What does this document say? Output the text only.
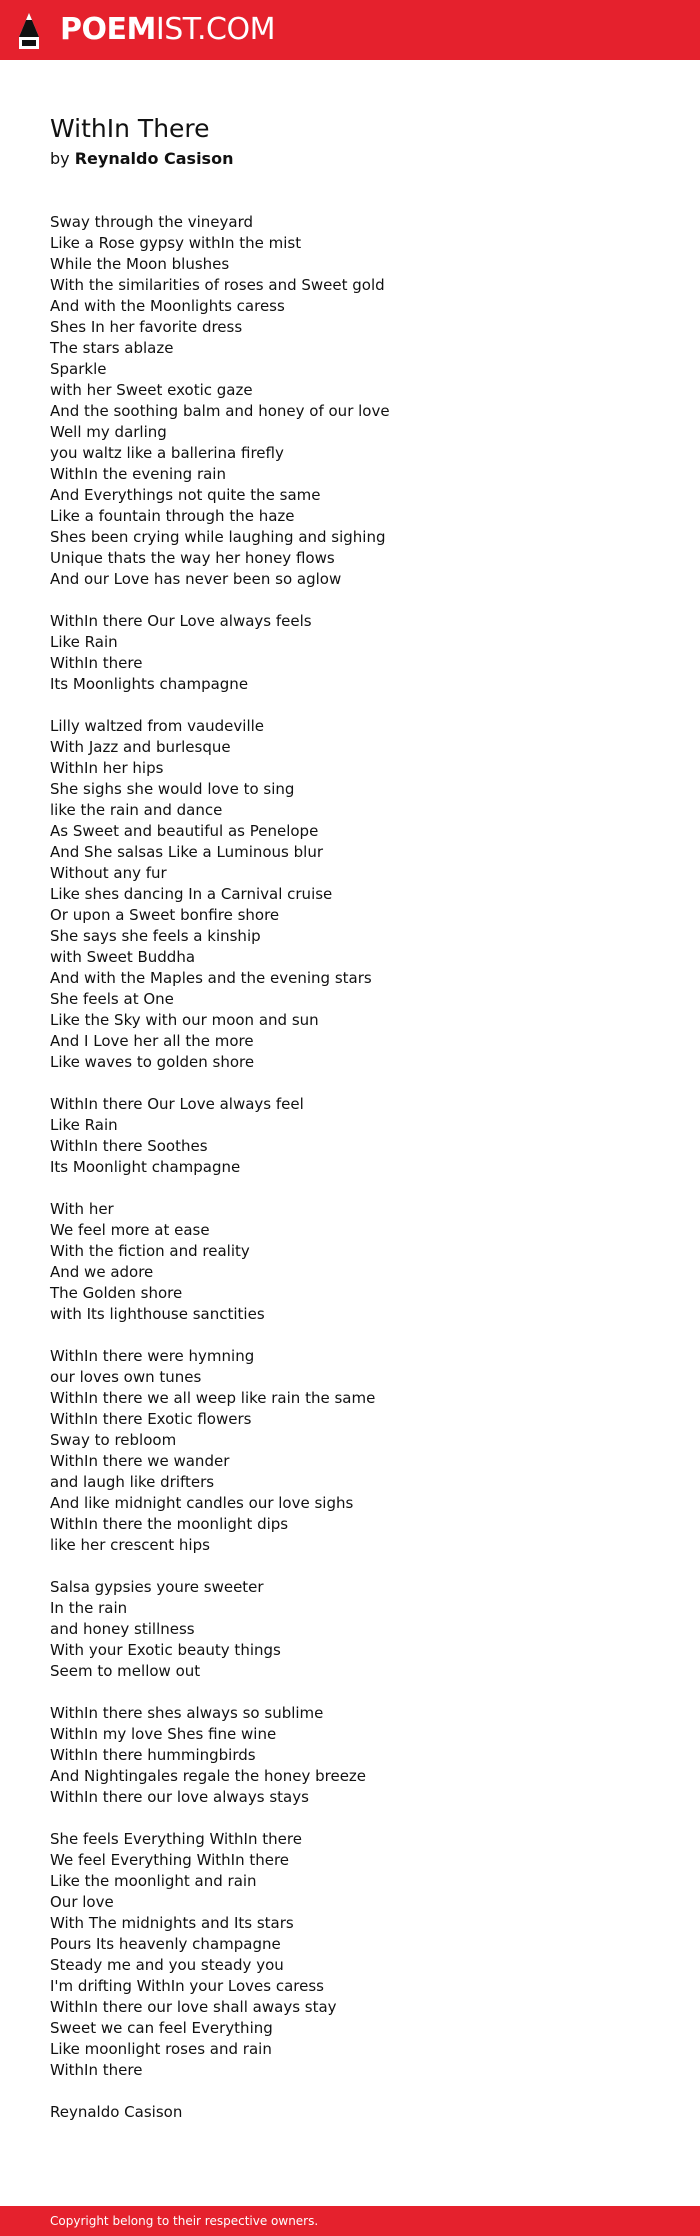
POEMIST.COM
WithIn There
by Reynaldo Casison
Sway through the vineyard
Like a Rose gypsy withIn the mist
While the Moon blushes
With the similarities of roses and Sweet gold
And with the Moonlights caress
Shes In her favorite dress
The stars ablaze
Sparkle
with her Sweet exotic gaze
And the soothing balm and honey of our love
Well my darling
you waltz like a ballerina firefly
WithIn the evening rain
And Everythings not quite the same
Like a fountain through the haze
Shes been crying while laughing and sighing
Unique thats the way her honey flows
And our Love has never been so aglow
WithIn there Our Love always feels
Like Rain
WithIn there
Its Moonlights champagne
Lilly waltzed from vaudeville
With Jazz and burlesque
WithIn her hips
She sighs she would love to sing
like the rain and dance
As Sweet and beautiful as Penelope
And She salsas Like a Luminous blur
Without any fur
Like shes dancing In a Carnival cruise
Or upon a Sweet bonfire shore
She says she feels a kinship
with Sweet Buddha
And with the Maples and the evening stars
She feels at One
Like the Sky with our moon and sun
And I Love her all the more
Like waves to golden shore
WithIn there Our Love always feel
Like Rain
WithIn there Soothes
Its Moonlight champagne
With her
We feel more at ease
With the fiction and reality
And we adore
The Golden shore
with Its lighthouse sanctities
WithIn there were hymning
our loves own tunes
WithIn there we all weep like rain the same
WithIn there Exotic flowers
Sway to rebloom
WithIn there we wander
and laugh like drifters
And like midnight candles our love sighs
WithIn there the moonlight dips
like her crescent hips
Salsa gypsies youre sweeter
In the rain
and honey stillness
With your Exotic beauty things
Seem to mellow out
WithIn there shes always so sublime
WithIn my love Shes fine wine
WithIn there hummingbirds
And Nightingales regale the honey breeze
WithIn there our love always stays
She feels Everything WithIn there
We feel Everything WithIn there
Like the moonlight and rain
Our love
With The midnights and Its stars
Pours Its heavenly champagne
Steady me and you steady you
I'm drifting WithIn your Loves caress
WithIn there our love shall aways stay
Sweet we can feel Everything
Like moonlight roses and rain
WithIn there
Reynaldo Casison
Copyright belong to their respective owners.
